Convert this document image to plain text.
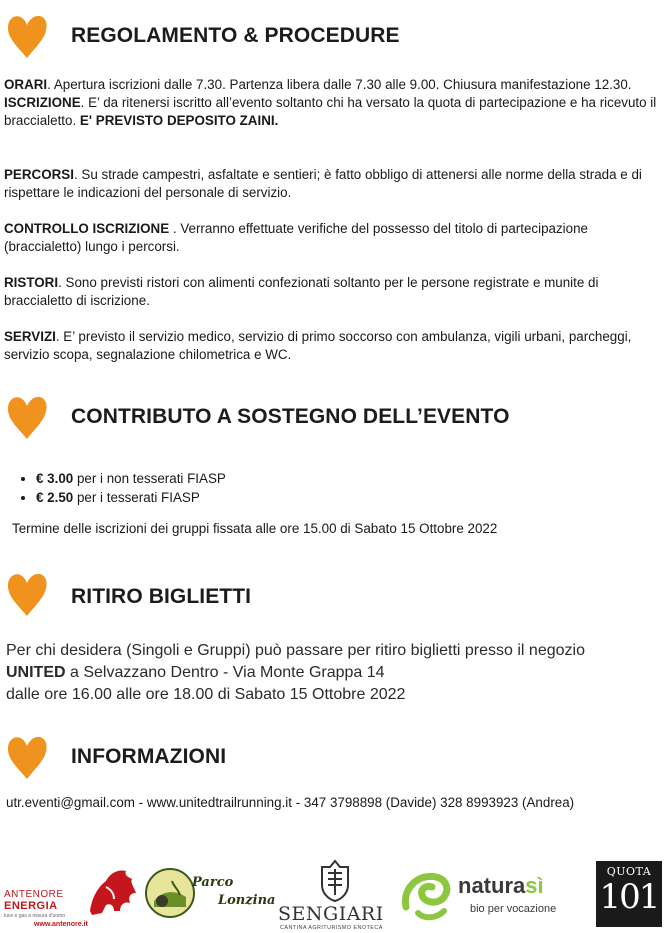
REGOLAMENTO & PROCEDURE
CONTRIBUTO A SOSTEGNO DELL’EVENTO
RITIRO BIGLIETTI
INFORMAZIONI
ORARI. Apertura iscrizioni dalle 7.30. Partenza libera dalle 7.30 alle 9.00. Chiusura manifestazione 12.30.
ISCRIZIONE. E’ da ritenersi iscritto all’evento soltanto chi ha versato la quota di partecipazione e ha ricevuto il braccialetto. E' PREVISTO DEPOSITO ZAINI.
PERCORSI. Su strade campestri, asfaltate e sentieri; è fatto obbligo di attenersi alle norme della strada e di rispettare le indicazioni del personale di servizio.
CONTROLLO ISCRIZIONE . Verranno effettuate verifiche del possesso del titolo di partecipazione (braccialetto) lungo i percorsi.
RISTORI. Sono previsti ristori con alimenti confezionati soltanto per le persone registrate e munite di braccialetto di iscrizione.
SERVIZI. E’ previsto il servizio medico, servizio di primo soccorso con ambulanza, vigili urbani, parcheggi, servizio scopa, segnalazione chilometrica e WC.
• € 3.00 per i non tesserati FIASP
• € 2.50 per i tesserati FIASP
Termine delle iscrizioni dei gruppi fissata alle ore 15.00 di Sabato 15 Ottobre 2022
Per chi desidera (Singoli e Gruppi) può passare per ritiro biglietti presso il negozio
UNITED a Selvazzano Dentro - Via Monte Grappa 14
dalle ore 16.00 alle ore 18.00 di Sabato 15 Ottobre 2022
utr.eventi@gmail.com - www.unitedtrailrunning.it - 347 3798898 (Davide) 328 8993923 (Andrea)
ANTENORE
ENERGIA
luce e gas a misura d'uomo
www.antenore.it
Parco
Lonzina
SENGIARI
CANTINA AGRITURISMO ENOTECA
naturasì
bio per vocazione
QUOTA
101
